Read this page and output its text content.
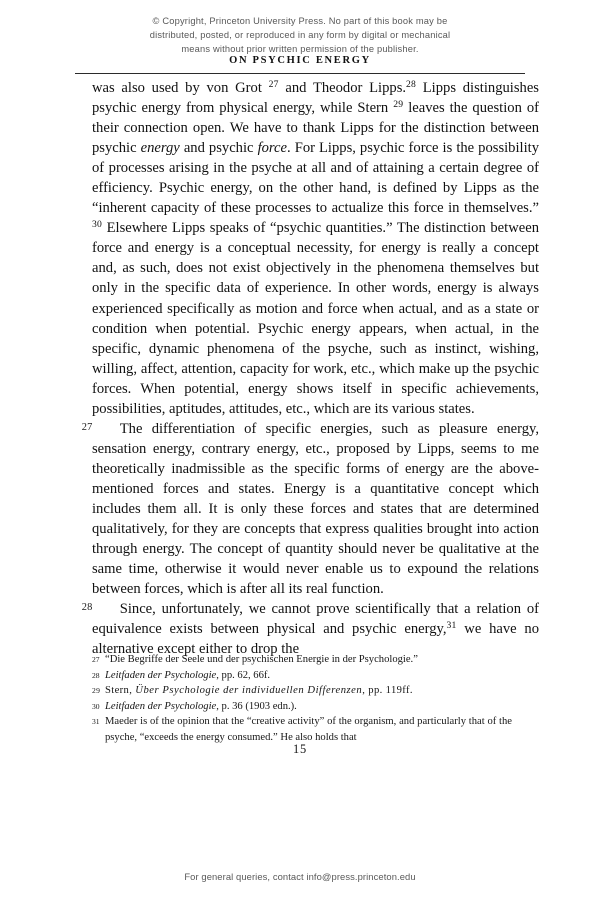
© Copyright, Princeton University Press. No part of this book may be
distributed, posted, or reproduced in any form by digital or mechanical
means without prior written permission of the publisher.
ON PSYCHIC ENERGY

was also used by von Grot $^{27}$ and Theodor Lipps.$^{28}$ Lipps distinguishes psychic energy from physical energy, while Stern $^{29}$ leaves the question of their connection open. We have to thank Lipps for the distinction between psychic energy and psychic force. For Lipps, psychic force is the possibility of processes arising in the psyche at all and of attaining a certain degree of efficiency. Psychic energy, on the other hand, is defined by Lipps as the “inherent capacity of these processes to actualize this force in themselves.” $^{30}$ Elsewhere Lipps speaks of “psychic quantities.” The distinction between force and energy is a conceptual necessity, for energy is really a concept and, as such, does not exist objectively in the phenomena themselves but only in the specific data of experience. In other words, energy is always experienced specifically as motion and force when actual, and as a state or condition when potential. Psychic energy appears, when actual, in the specific, dynamic phenomena of the psyche, such as instinct, wishing, willing, affect, attention, capacity for work, etc., which make up the psychic forces. When potential, energy shows itself in specific achievements, possibilities, aptitudes, attitudes, etc., which are its various states.

27 The differentiation of specific energies, such as pleasure energy, sensation energy, contrary energy, etc., proposed by Lipps, seems to me theoretically inadmissible as the specific forms of energy are the above-mentioned forces and states. Energy is a quantitative concept which includes them all. It is only these forces and states that are determined qualitatively, for they are concepts that express qualities brought into action through energy. The concept of quantity should never be qualitative at the same time, otherwise it would never enable us to expound the relations between forces, which is after all its real function.

28 Since, unfortunately, we cannot prove scientifically that a relation of equivalence exists between physical and psychic energy,$^{31}$ we have no alternative except either to drop the

27 “Die Begriffe der Seele und der psychischen Energie in der Psychologie.”

28 Leitfaden der Psychologie, pp. 62, 66f.

29 Stern, Über Psychologie der individuellen Differenzen, pp. 119ff.

30 Leitfaden der Psychologie, p. 36 (1903 edn.).

31 Maeder is of the opinion that the “creative activity” of the organism, and particularly that of the psyche, “exceeds the energy consumed.” He also holds that

15
For general queries, contact info@press.princeton.edu
